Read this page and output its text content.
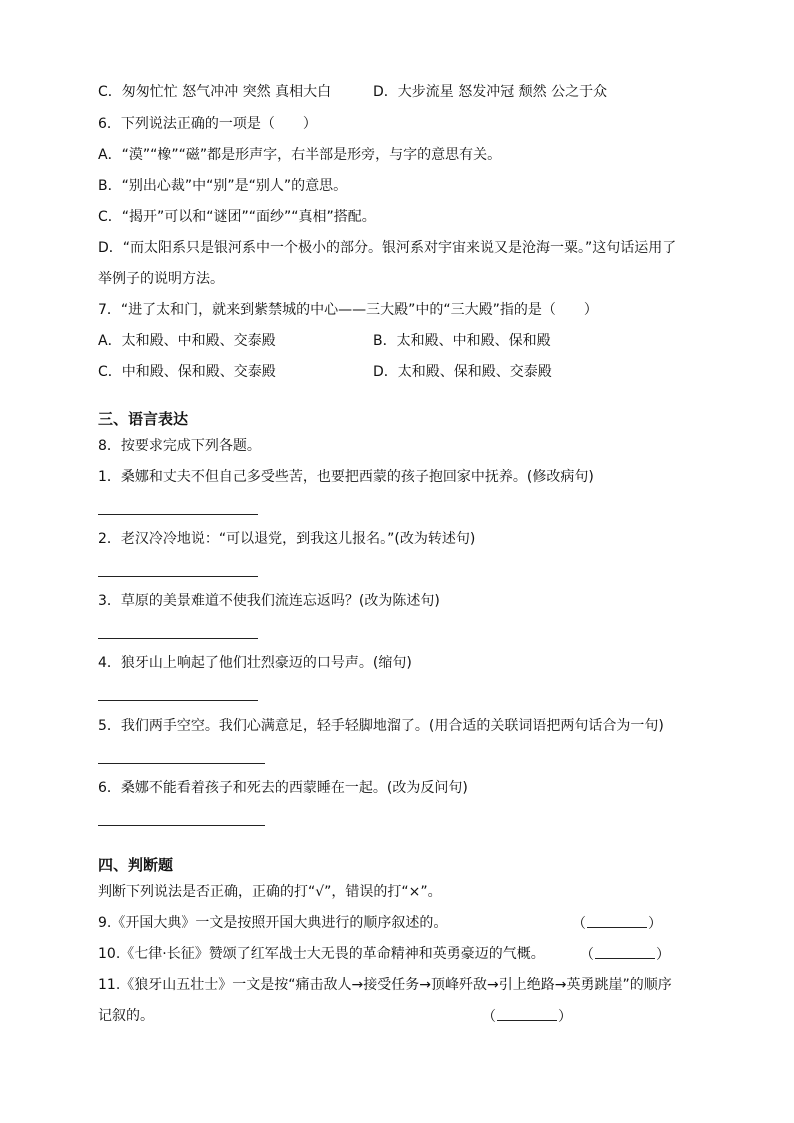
C．匆匆忙忙 怒气冲冲 突然 真相大白	D．大步流星 怒发冲冠 颓然 公之于众
6．下列说法正确的一项是（　　）
A．“漠”“橡”“磁”都是形声字，右半部是形旁，与字的意思有关。
B．“别出心裁”中“别”是“别人”的意思。
C．“揭开”可以和“谜团”“面纱”“真相”搭配。
D．“而太阳系只是银河系中一个极小的部分。银河系对宇宙来说又是沧海一粟。”这句话运用了
举例子的说明方法。
7．“进了太和门，就来到紫禁城的中心——三大殿”中的“三大殿”指的是（　　）
A．太和殿、中和殿、交泰殿	B．太和殿、中和殿、保和殿
C．中和殿、保和殿、交泰殿	D．太和殿、保和殿、交泰殿
三、语言表达
8．按要求完成下列各题。
1．桑娜和丈夫不但自己多受些苦，也要把西蒙的孩子抱回家中抚养。(修改病句)
2．老汉冷冷地说：“可以退党，到我这儿报名。”(改为转述句)
3．草原的美景难道不使我们流连忘返吗？(改为陈述句)
4．狼牙山上响起了他们壮烈豪迈的口号声。(缩句)
5．我们两手空空。我们心满意足，轻手轻脚地溜了。(用合适的关联词语把两句话合为一句)
6．桑娜不能看着孩子和死去的西蒙睡在一起。(改为反问句)
四、判断题
判断下列说法是否正确，正确的打“√”，错误的打“×”。
9.《开国大典》一文是按照开国大典进行的顺序叙述的。	（	）
10.《七律·长征》赞颂了红军战士大无畏的革命精神和英勇豪迈的气概。	（	）
11.《狼牙山五壮士》一文是按“痛击敌人→接受任务→顶峰歼敌→引上绝路→英勇跳崖”的顺序
记叙的。	（	）
